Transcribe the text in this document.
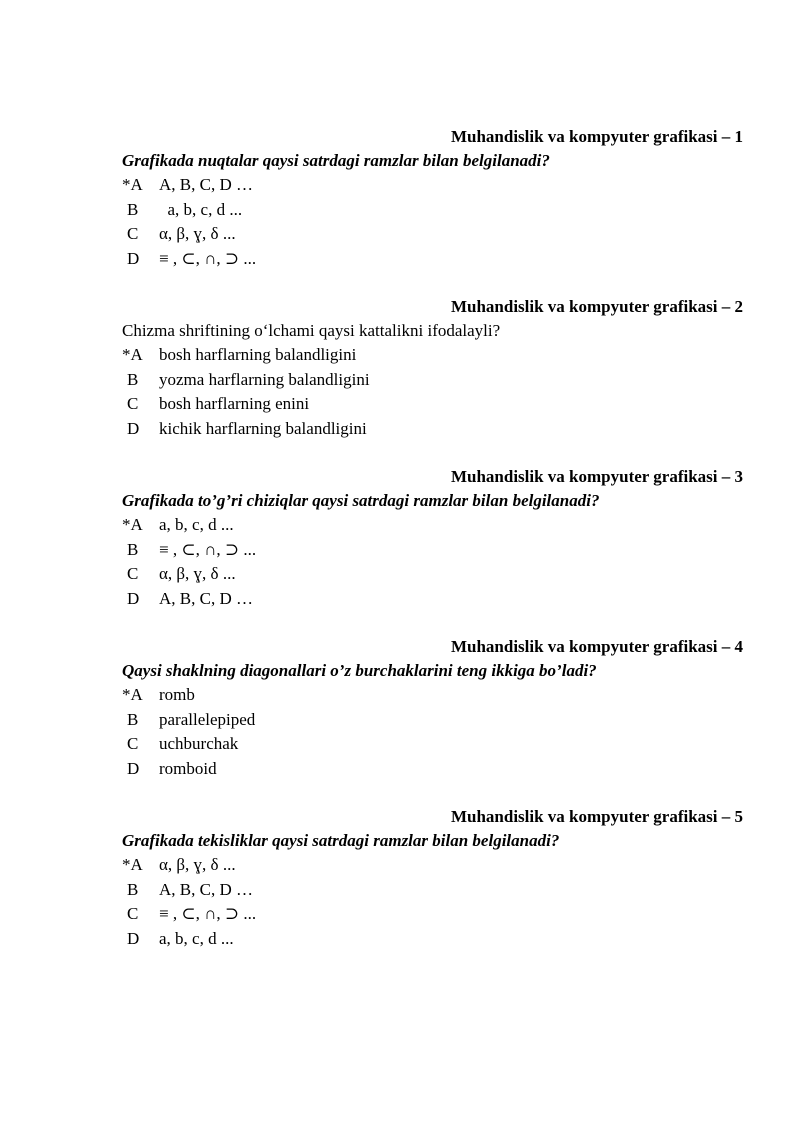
Muhandislik va kompyuter grafikasi – 1
Grafikada nuqtalar qaysi satrdagi ramzlar bilan belgilanadi?
*A A, B, C, D …
B	a, b, c, d ...
C	α, β, ɣ, δ ...
D	≡ , ⊂, ∩, ⊃ ...
Muhandislik va kompyuter grafikasi – 2
Chizma shriftining o‘lchami qaysi kattalikni ifodalayli?
*A bosh harflarning balandligini
B	yozma harflarning balandligini
C	bosh harflarning enini
D	kichik harflarning balandligini
Muhandislik va kompyuter grafikasi – 3
Grafikada to’g’ri chiziqlar qaysi satrdagi ramzlar bilan belgilanadi?
*A a, b, c, d ...
B	≡ , ⊂, ∩, ⊃ ...
C	α, β, ɣ, δ ...
D	A, B, C, D …
Muhandislik va kompyuter grafikasi – 4
Qaysi shaklning diagonallari o’z burchaklarini teng ikkiga bo’ladi?
*A romb
B	parallelepiped
C	uchburchak
D	romboid
Muhandislik va kompyuter grafikasi – 5
Grafikada tekisliklar qaysi satrdagi ramzlar bilan belgilanadi?
*A α, β, ɣ, δ ...
B	A, B, C, D …
C	≡ , ⊂, ∩, ⊃ ...
D	a, b, c, d ...
